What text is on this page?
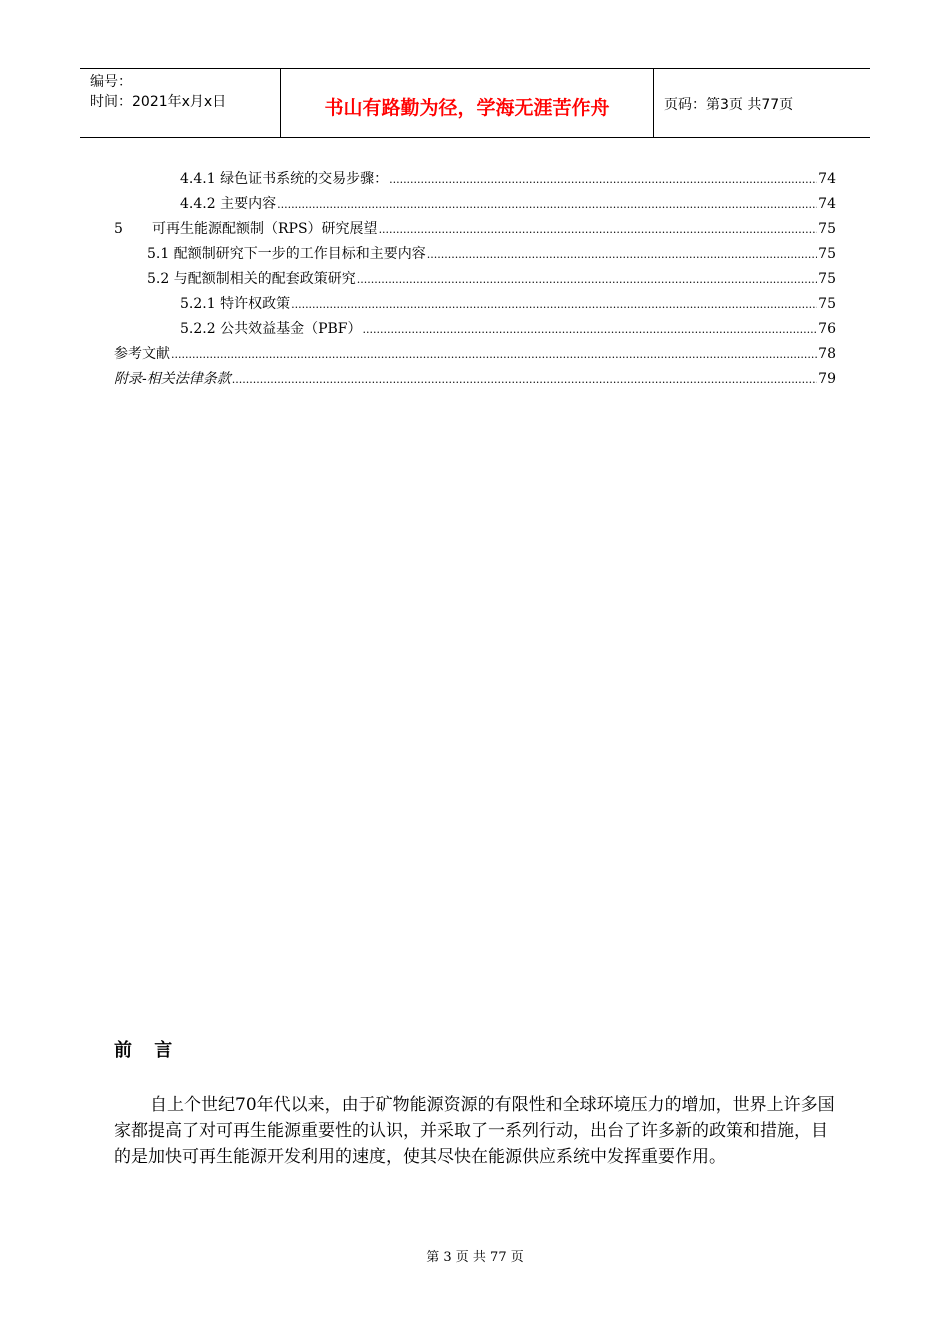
编号：
时间：2021年x月x日	书山有路勤为径，学海无涯苦作舟	页码：第3页 共77页
4.4.1 绿色证书系统的交易步骤： .....	74
4.4.2 主要内容 .....	74
5	可再生能源配额制（RPS）研究展望 .....	75
5.1 配额制研究下一步的工作目标和主要内容 .....	75
5.2 与配额制相关的配套政策研究 .....	75
5.2.1 特许权政策 .....	75
5.2.2 公共效益基金（PBF） .....	76
参考文献 .....	78
附录-相关法律条款 .....	79
前 言
自上个世纪70年代以来，由于矿物能源资源的有限性和全球环境压力的增加，世界上许多国家都提高了对可再生能源重要性的认识，并采取了一系列行动，出台了许多新的政策和措施，目的是加快可再生能源开发利用的速度，使其尽快在能源供应系统中发挥重要作用。
第 3 页 共 77 页
